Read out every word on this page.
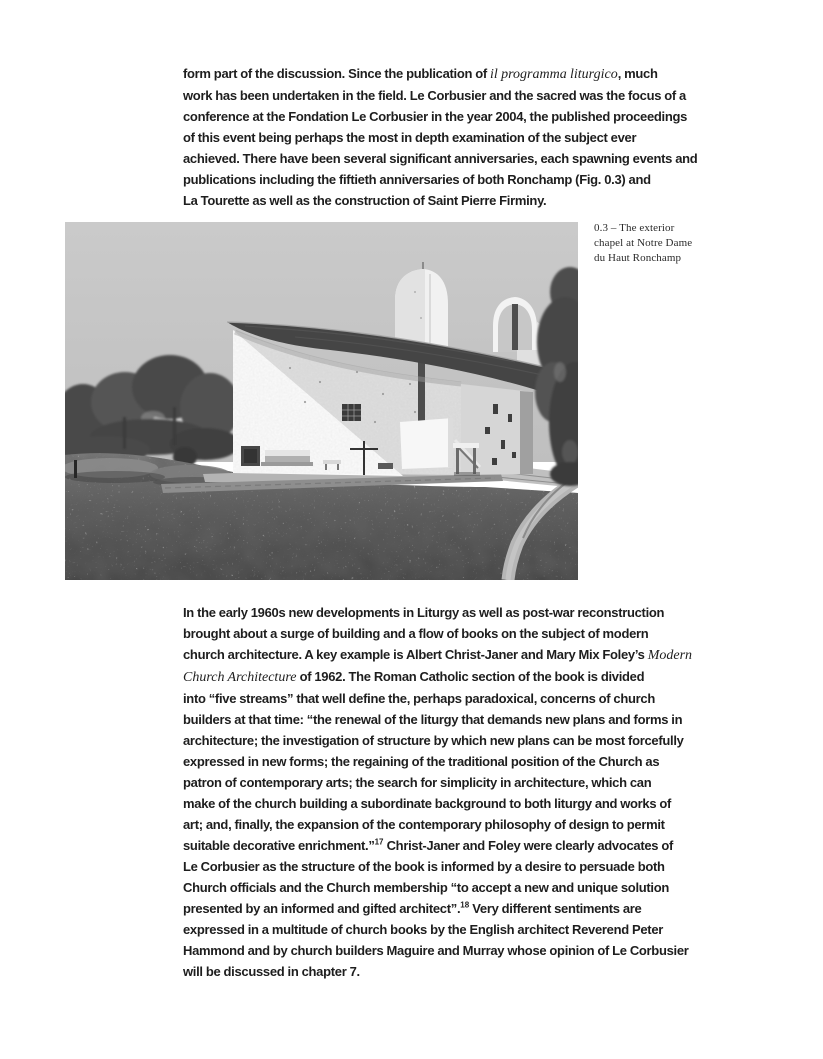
form part of the discussion. Since the publication of il programma liturgico, much
work has been undertaken in the field. Le Corbusier and the sacred was the focus of a
conference at the Fondation Le Corbusier in the year 2004, the published proceedings
of this event being perhaps the most in depth examination of the subject ever
achieved. There have been several significant anniversaries, each spawning events and
publications including the fiftieth anniversaries of both Ronchamp (Fig. 0.3) and
La Tourette as well as the construction of Saint Pierre Firminy.
0.3 – The exterior
chapel at Notre Dame
du Haut Ronchamp
In the early 1960s new developments in Liturgy as well as post-war reconstruction
brought about a surge of building and a flow of books on the subject of modern
church architecture. A key example is Albert Christ-Janer and Mary Mix Foley’s Modern
Church Architecture of 1962. The Roman Catholic section of the book is divided
into “five streams” that well define the, perhaps paradoxical, concerns of church
builders at that time: “the renewal of the liturgy that demands new plans and forms in
architecture; the investigation of structure by which new plans can be most forcefully
expressed in new forms; the regaining of the traditional position of the Church as
patron of contemporary arts; the search for simplicity in architecture, which can
make of the church building a subordinate background to both liturgy and works of
art; and, finally, the expansion of the contemporary philosophy of design to permit
suitable decorative enrichment.”$^{17}$ Christ-Janer and Foley were clearly advocates of
Le Corbusier as the structure of the book is informed by a desire to persuade both
Church officials and the Church membership “to accept a new and unique solution
presented by an informed and gifted architect”.$^{18}$ Very different sentiments are
expressed in a multitude of church books by the English architect Reverend Peter
Hammond and by church builders Maguire and Murray whose opinion of Le Corbusier
will be discussed in chapter 7.
